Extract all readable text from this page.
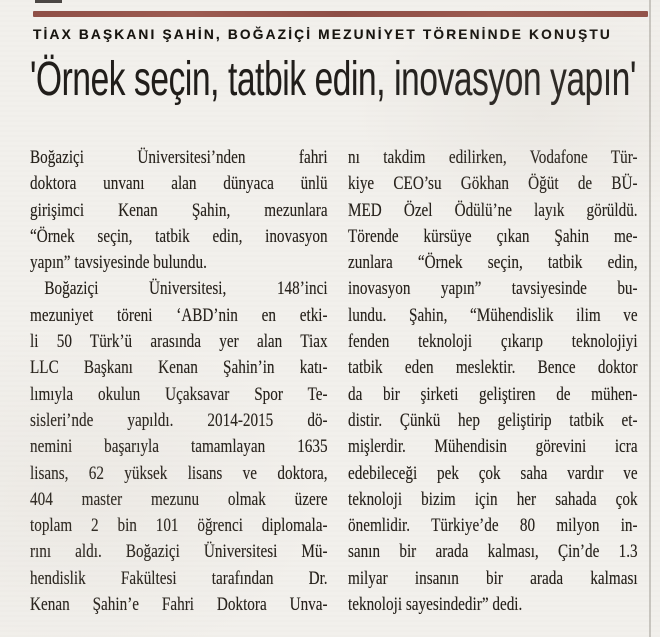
TİAX BAŞKANI ŞAHİN, BOĞAZİÇİ MEZUNİYET TÖRENİNDE KONUŞTU
'Örnek seçin, tatbik edin, inovasyon yapın'
Boğaziçi Üniversitesi’nden fahri
doktora unvanı alan dünyaca ünlü
girişimci Kenan Şahin, mezunlara
“Örnek seçin, tatbik edin, inovasyon
yapın” tavsiyesinde bulundu.
Boğaziçi Üniversitesi, 148’inci
mezuniyet töreni ‘ABD’nin en etki-
li 50 Türk’ü arasında yer alan Tiax
LLC Başkanı Kenan Şahin’in katı-
lımıyla okulun Uçaksavar Spor Te-
sisleri’nde yapıldı. 2014-2015 dö-
nemini başarıyla tamamlayan 1635
lisans, 62 yüksek lisans ve doktora,
404 master mezunu olmak üzere
toplam 2 bin 101 öğrenci diplomala-
rını aldı. Boğaziçi Üniversitesi Mü-
hendislik Fakültesi tarafından Dr.
Kenan Şahin’e Fahri Doktora Unva-
nı takdim edilirken, Vodafone Tür-
kiye CEO’su Gökhan Öğüt de BÜ-
MED Özel Ödülü’ne layık görüldü.
Törende kürsüye çıkan Şahin me-
zunlara “Örnek seçin, tatbik edin,
inovasyon yapın” tavsiyesinde bu-
lundu. Şahin, “Mühendislik ilim ve
fenden teknoloji çıkarıp teknolojiyi
tatbik eden meslektir. Bence doktor
da bir şirketi geliştiren de mühen-
distir. Çünkü hep geliştirip tatbik et-
mişlerdir. Mühendisin görevini icra
edebileceği pek çok saha vardır ve
teknoloji bizim için her sahada çok
önemlidir. Türkiye’de 80 milyon in-
sanın bir arada kalması, Çin’de 1.3
milyar insanın bir arada kalması
teknoloji sayesindedir” dedi.
